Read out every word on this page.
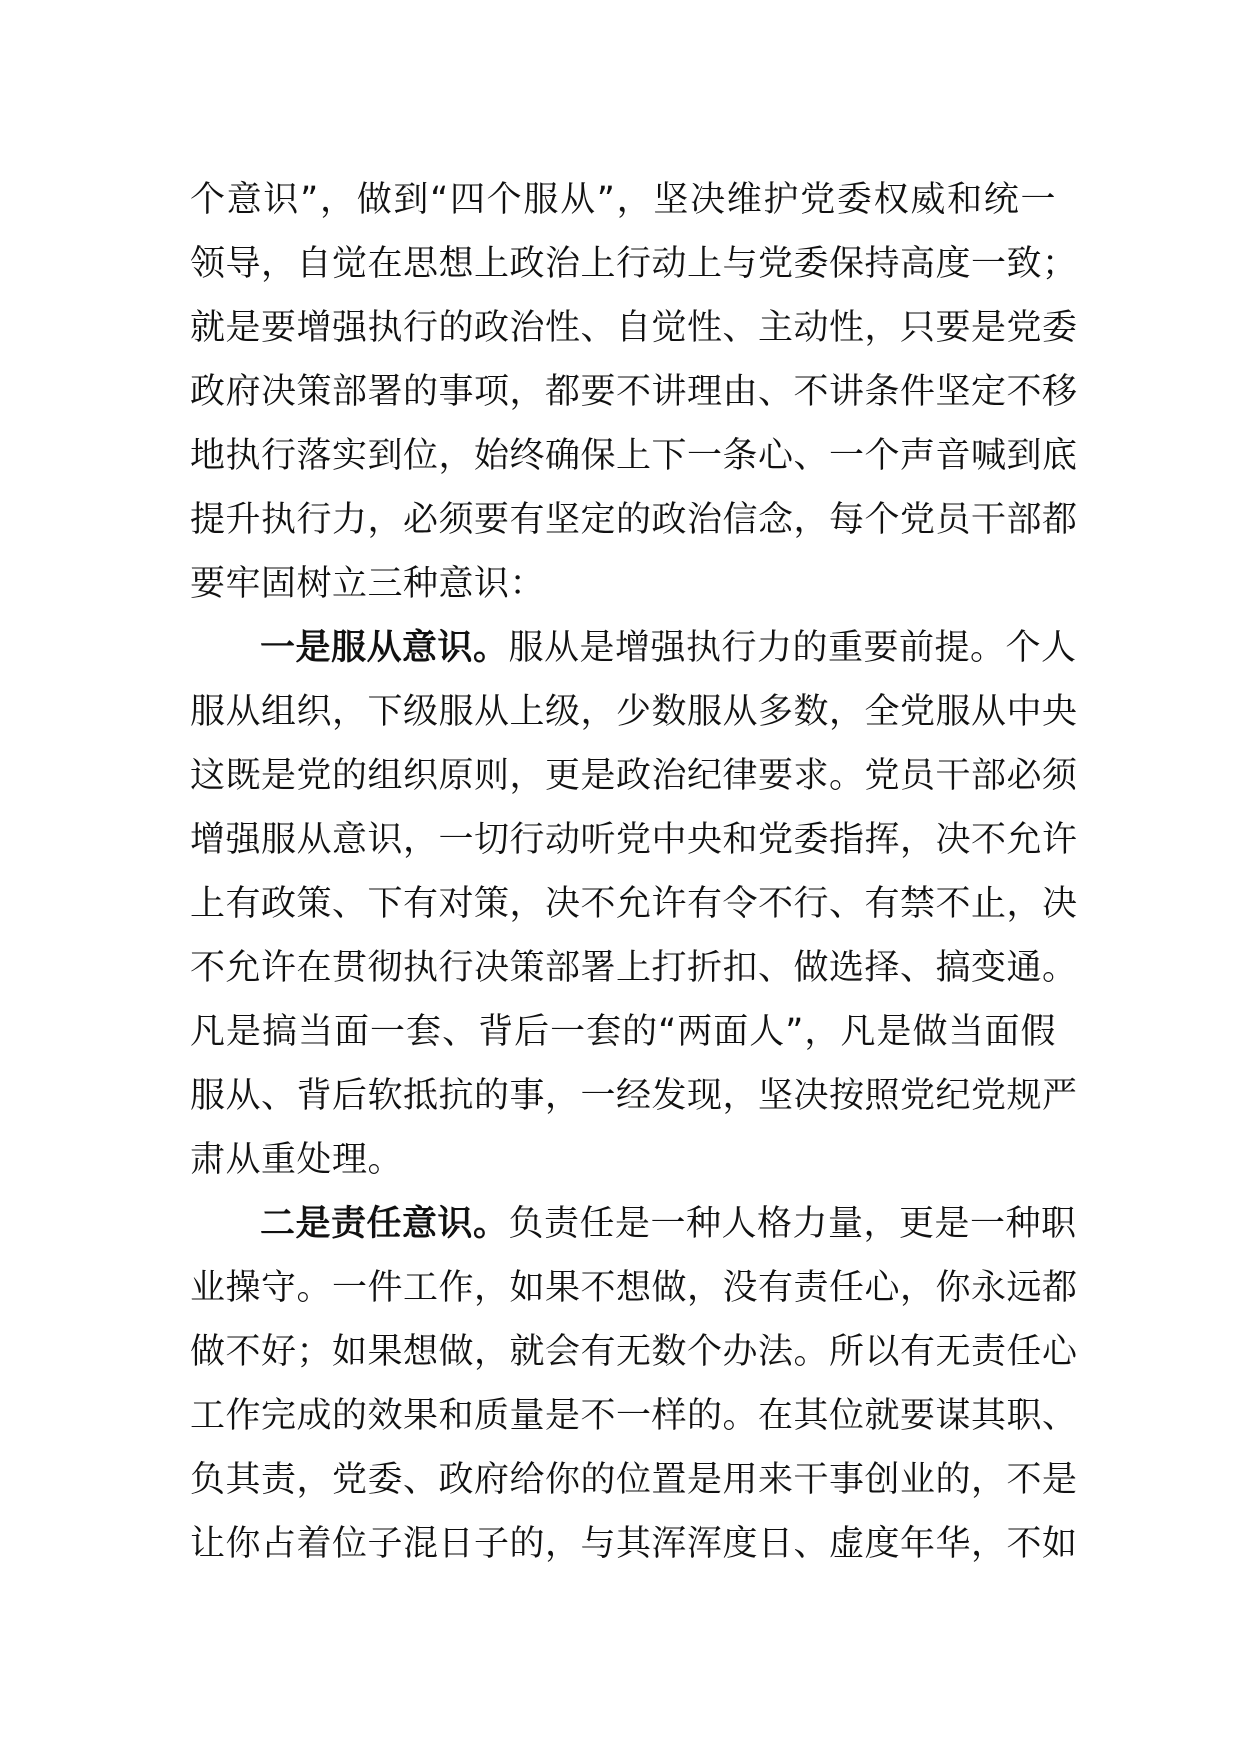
个意识”，做到“四个服从”，坚决维护党委权威和统一
领导，自觉在思想上政治上行动上与党委保持高度一致；
就是要增强执行的政治性、自觉性、主动性，只要是党委
政府决策部署的事项，都要不讲理由、不讲条件坚定不移
地执行落实到位，始终确保上下一条心、一个声音喊到底
提升执行力，必须要有坚定的政治信念，每个党员干部都
要牢固树立三种意识：
一是服从意识。服从是增强执行力的重要前提。个人
服从组织，下级服从上级，少数服从多数，全党服从中央
这既是党的组织原则，更是政治纪律要求。党员干部必须
增强服从意识，一切行动听党中央和党委指挥，决不允许
上有政策、下有对策，决不允许有令不行、有禁不止，决
不允许在贯彻执行决策部署上打折扣、做选择、搞变通。
凡是搞当面一套、背后一套的“两面人”，凡是做当面假
服从、背后软抵抗的事，一经发现，坚决按照党纪党规严
肃从重处理。
二是责任意识。负责任是一种人格力量，更是一种职
业操守。一件工作，如果不想做，没有责任心，你永远都
做不好；如果想做，就会有无数个办法。所以有无责任心
工作完成的效果和质量是不一样的。在其位就要谋其职、
负其责，党委、政府给你的位置是用来干事创业的，不是
让你占着位子混日子的，与其浑浑度日、虚度年华，不如
